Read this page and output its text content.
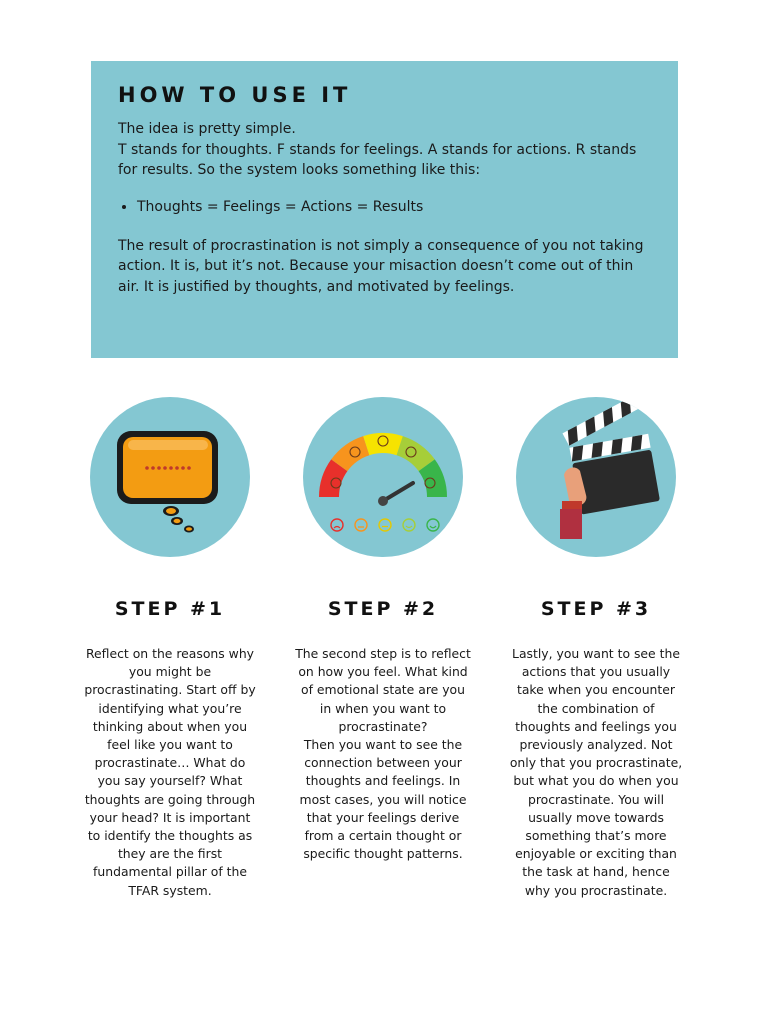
HOW TO USE IT

The idea is pretty simple.
T stands for thoughts. F stands for feelings. A stands for actions. R stands for results. So the system looks something like this:

• Thoughts = Feelings = Actions = Results

The result of procrastination is not simply a consequence of you not taking action. It is, but it’s not. Because your misaction doesn’t come out of thin air. It is justified by thoughts, and motivated by feelings.

STEP #1	STEP #2	STEP #3
Reflect on the reasons why you might be procrastinating. Start off by identifying what you’re thinking about when you feel like you want to procrastinate… What do you say yourself? What thoughts are going through your head? It is important to identify the thoughts as they are the first fundamental pillar of the TFAR system.
The second step is to reflect on how you feel. What kind of emotional state are you in when you want to procrastinate?
Then you want to see the connection between your thoughts and feelings. In most cases, you will notice that your feelings derive from a certain thought or specific thought patterns.
Lastly, you want to see the actions that you usually take when you encounter the combination of thoughts and feelings you previously analyzed. Not only that you procrastinate, but what you do when you procrastinate. You will usually move towards something that’s more enjoyable or exciting than the task at hand, hence why you procrastinate.
